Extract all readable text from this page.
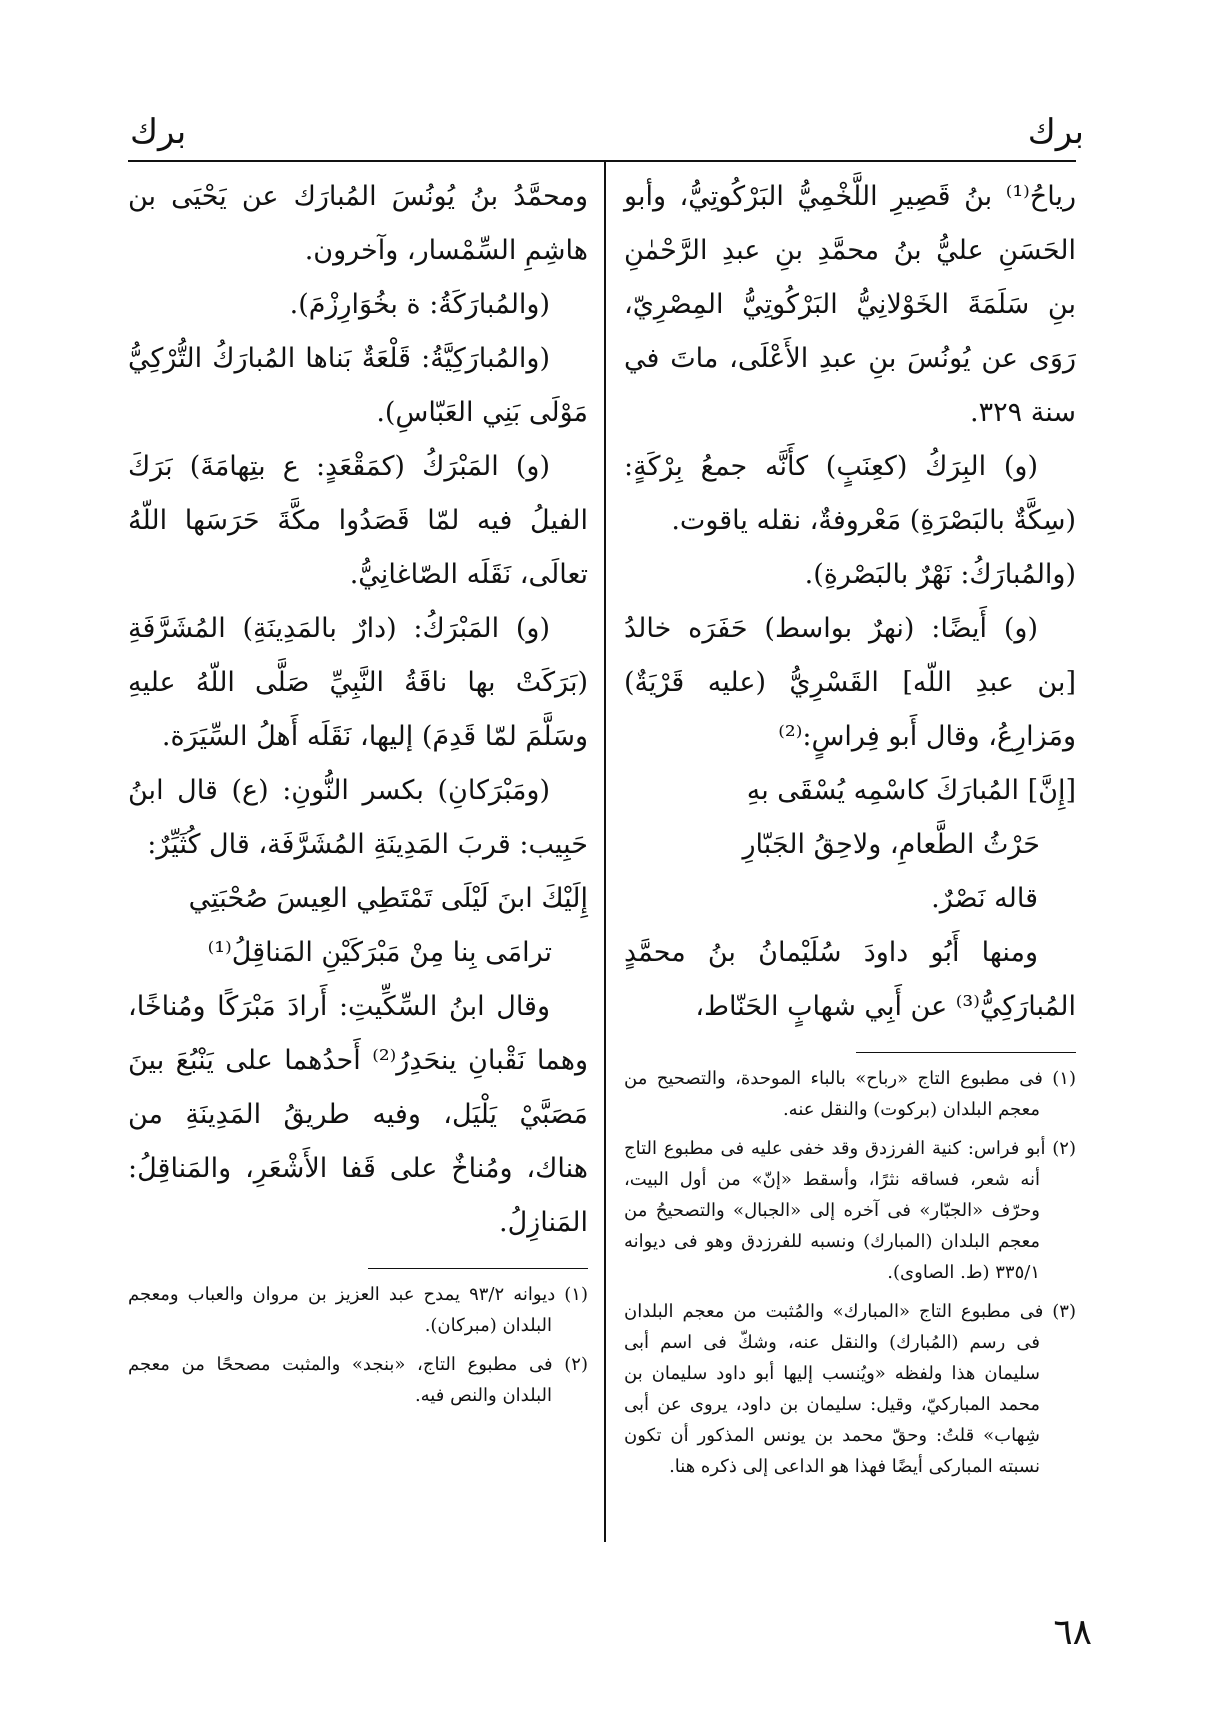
برك
برك

رياحُ⁽¹⁾ بنُ قَصِيرِ اللَّخْمِيُّ البَرْكُوتِيُّ، وأبو الحَسَنِ عليُّ بنُ محمَّدِ بنِ عبدِ الرَّحْمٰنِ بنِ سَلَمَةَ الخَوْلانِيُّ البَرْكُوتِيُّ المِصْرِيّ، رَوَى عن يُونُسَ بنِ عبدِ الأَعْلَى، ماتَ في سنة ٣٢٩.

(و) البِرَكُ (كعِنَبٍ) كأَنَّه جمعُ بِرْكَةٍ: (سِكَّةٌ بالبَصْرَةِ) مَعْروفةٌ، نقله ياقوت.

(والمُبارَكُ: نَهْرٌ بالبَصْرةِ).

(و) أَيضًا: (نهرٌ بواسط) حَفَرَه خالدُ [بن عبدِ اللّه] القَسْرِيُّ (عليه قَرْيَةٌ) ومَزارِعُ، وقال أَبو فِراسٍ:⁽²⁾

[إِنَّ] المُبارَكَ كاسْمِه يُسْقَى بهِ

حَرْثُ الطَّعامِ، ولاحِقُ الجَبّارِ

قاله نَصْرٌ.

ومنها أَبُو داودَ سُلَيْمانُ بنُ محمَّدٍ المُبارَكِيُّ⁽³⁾ عن أَبِي شهابٍ الحَنّاط،

(١) فى مطبوع التاج «رباح» بالباء الموحدة، والتصحيح من معجم البلدان (بركوت) والنقل عنه.

(٢) أبو فراس: كنية الفرزدق وقد خفى عليه فى مطبوع التاج أنه شعر، فساقه نثرًا، وأسقط «إنّ» من أول البيت، وحرّف «الجبّار» فى آخره إلى «الجبال» والتصحيحُ من معجم البلدان (المبارك) ونسبه للفرزدق وهو فى ديوانه ٣٣٥/١ (ط. الصاوى).

(٣) فى مطبوع التاج «المبارك» والمُثبت من معجم البلدان فى رسم (المُبارك) والنقل عنه، وشكّ فى اسم أبى سليمان هذا ولفظه «ويُنسب إليها أبو داود سليمان بن محمد المباركيّ، وقيل: سليمان بن داود، يروى عن أبى شِهاب» قلتُ: وحقّ محمد بن يونس المذكور أن تكون نسبته المباركى أيضًا فهذا هو الداعى إلى ذكره هنا.

ومحمَّدُ بنُ يُونُسَ المُبارَك عن يَحْيَى بن هاشِمِ السِّمْسار، وآخرون.

(والمُبارَكَةُ: ة بخُوَارِزْمَ).

(والمُبارَكِيَّةُ: قَلْعَةٌ بَناها المُبارَكُ التُّرْكِيُّ مَوْلَى بَنِي العَبّاسِ).

(و) المَبْرَكُ (كمَقْعَدٍ: ع بتِهامَةَ) بَرَكَ الفيلُ فيه لمّا قَصَدُوا مكَّةَ حَرَسَها اللّهُ تعالَى، نَقَلَه الصّاغانِيُّ.

(و) المَبْرَكُ: (دارٌ بالمَدِينَةِ) المُشَرَّفَةِ (بَرَكَتْ بها ناقَةُ النَّبِيِّ صَلَّى اللّهُ عليهِ وسَلَّمَ لمّا قَدِمَ) إليها، نَقَلَه أَهلُ السِّيَرَة.

(ومَبْرَكانِ) بكسر النُّونِ: (ع) قال ابنُ حَبِيب: قربَ المَدِينَةِ المُشَرَّفَة، قال كُثَيِّرٌ:

إِلَيْكَ ابنَ لَيْلَى تَمْتَطِي العِيسَ صُحْبَتِي

ترامَى بِنا مِنْ مَبْرَكَيْنِ المَناقِلُ⁽¹⁾

وقال ابنُ السِّكِّيتِ: أَرادَ مَبْرَكًا ومُناخًا، وهما نَقْبانِ ينحَدِرُ⁽²⁾ أَحدُهما على يَنْبُعَ بينَ مَصَبَّيْ يَلْيَل، وفيه طريقُ المَدِينَةِ من هناك، ومُناخٌ على قَفا الأَشْعَرِ، والمَناقِلُ: المَنازِلُ.

(١) ديوانه ٩٣/٢ يمدح عبد العزيز بن مروان والعباب ومعجم البلدان (مبركان).

(٢) فى مطبوع التاج، «بنجد» والمثبت مصححًا من معجم البلدان والنص فيه.

٦٨
